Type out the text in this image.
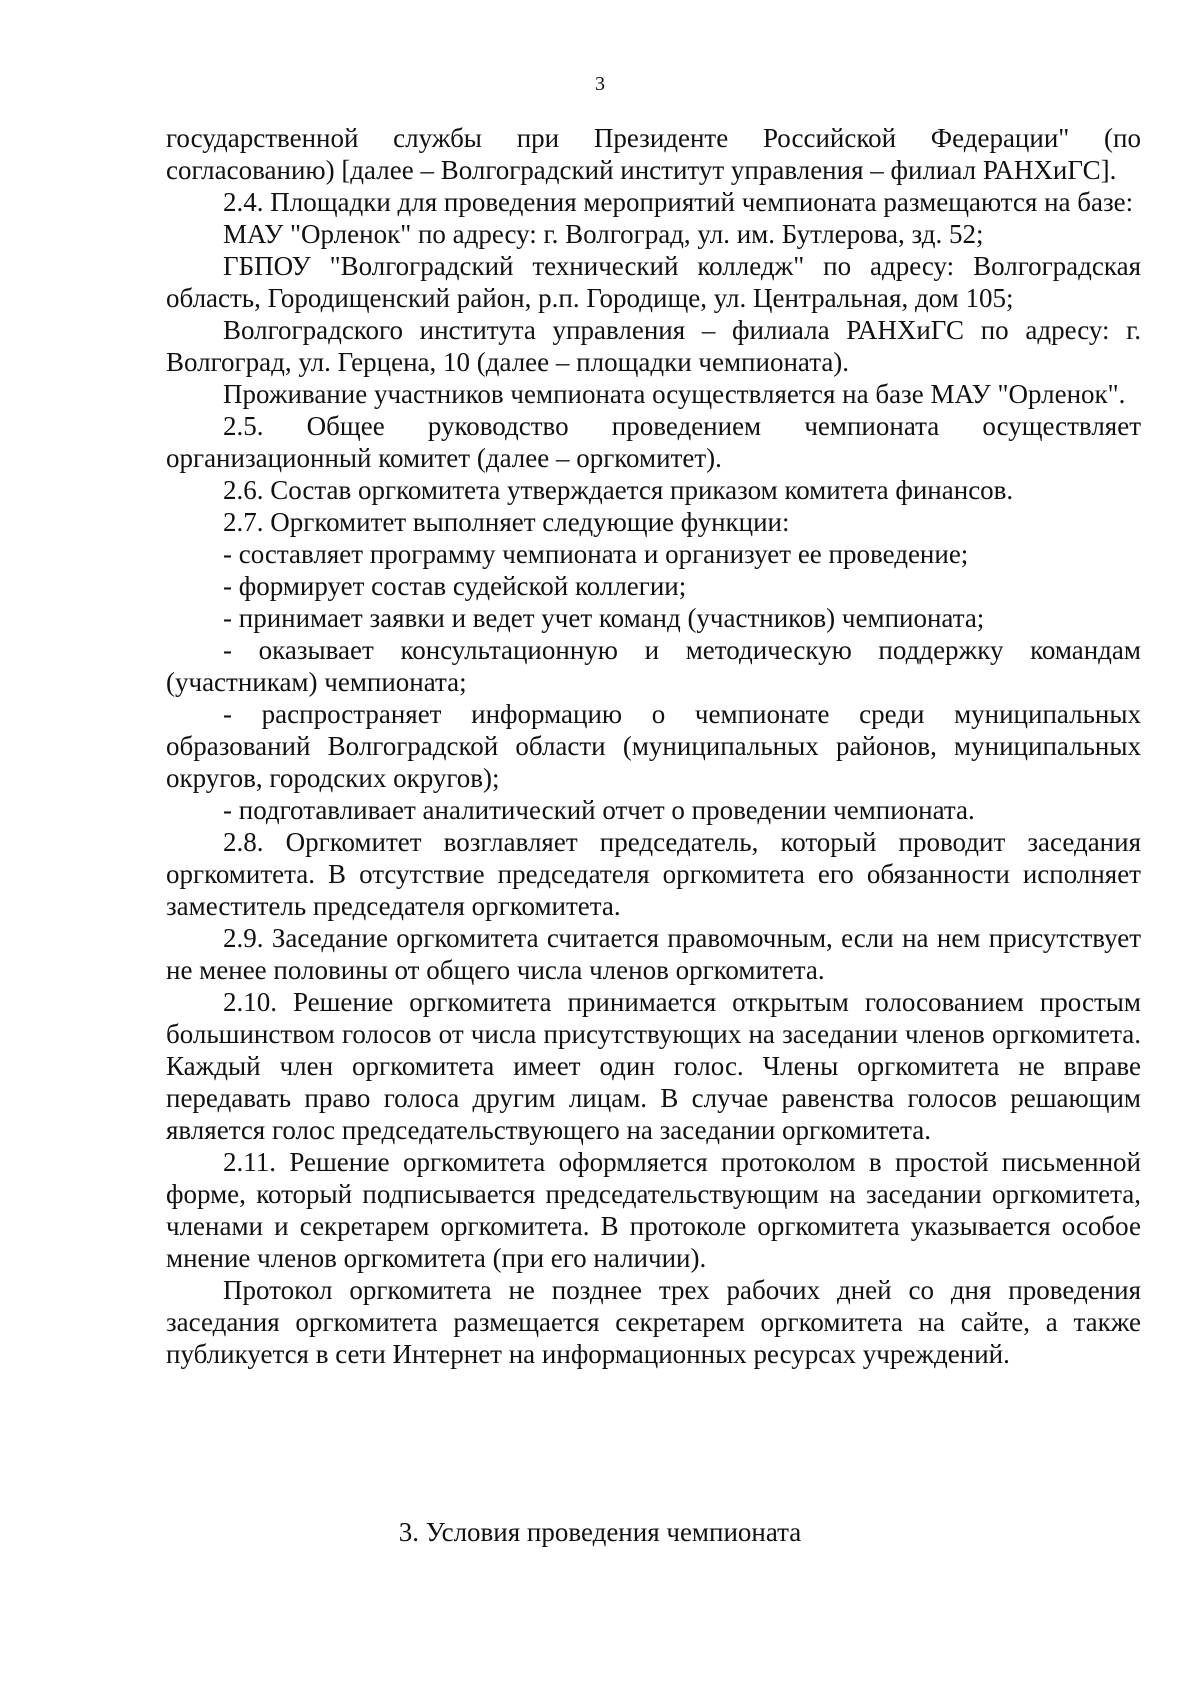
3

государственной службы при Президенте Российской Федерации" (по согласованию) [далее – Волгоградский институт управления – филиал РАНХиГС].

2.4. Площадки для проведения мероприятий чемпионата размещаются на базе:

МАУ "Орленок" по адресу: г. Волгоград, ул. им. Бутлерова, зд. 52;

ГБПОУ "Волгоградский технический колледж" по адресу: Волгоградская область, Городищенский район, р.п. Городище, ул. Центральная, дом 105;

Волгоградского института управления – филиала РАНХиГС по адресу: г. Волгоград, ул. Герцена, 10 (далее – площадки чемпионата).

Проживание участников чемпионата осуществляется на базе МАУ "Орленок".

2.5. Общее руководство проведением чемпионата осуществляет организационный комитет (далее – оргкомитет).

2.6. Состав оргкомитета утверждается приказом комитета финансов.

2.7. Оргкомитет выполняет следующие функции:

- составляет программу чемпионата и организует ее проведение;

- формирует состав судейской коллегии;

- принимает заявки и ведет учет команд (участников) чемпионата;

- оказывает консультационную и методическую поддержку командам (участникам) чемпионата;

- распространяет информацию о чемпионате среди муниципальных образований Волгоградской области (муниципальных районов, муниципальных округов, городских округов);

- подготавливает аналитический отчет о проведении чемпионата.

2.8. Оргкомитет возглавляет председатель, который проводит заседания оргкомитета. В отсутствие председателя оргкомитета его обязанности исполняет заместитель председателя оргкомитета.

2.9. Заседание оргкомитета считается правомочным, если на нем присутствует не менее половины от общего числа членов оргкомитета.

2.10. Решение оргкомитета принимается открытым голосованием простым большинством голосов от числа присутствующих на заседании членов оргкомитета. Каждый член оргкомитета имеет один голос. Члены оргкомитета не вправе передавать право голоса другим лицам. В случае равенства голосов решающим является голос председательствующего на заседании оргкомитета.

2.11. Решение оргкомитета оформляется протоколом в простой письменной форме, который подписывается председательствующим на заседании оргкомитета, членами и секретарем оргкомитета. В протоколе оргкомитета указывается особое мнение членов оргкомитета (при его наличии).

Протокол оргкомитета не позднее трех рабочих дней со дня проведения заседания оргкомитета размещается секретарем оргкомитета на сайте, а также публикуется в сети Интернет на информационных ресурсах учреждений.

3. Условия проведения чемпионата
